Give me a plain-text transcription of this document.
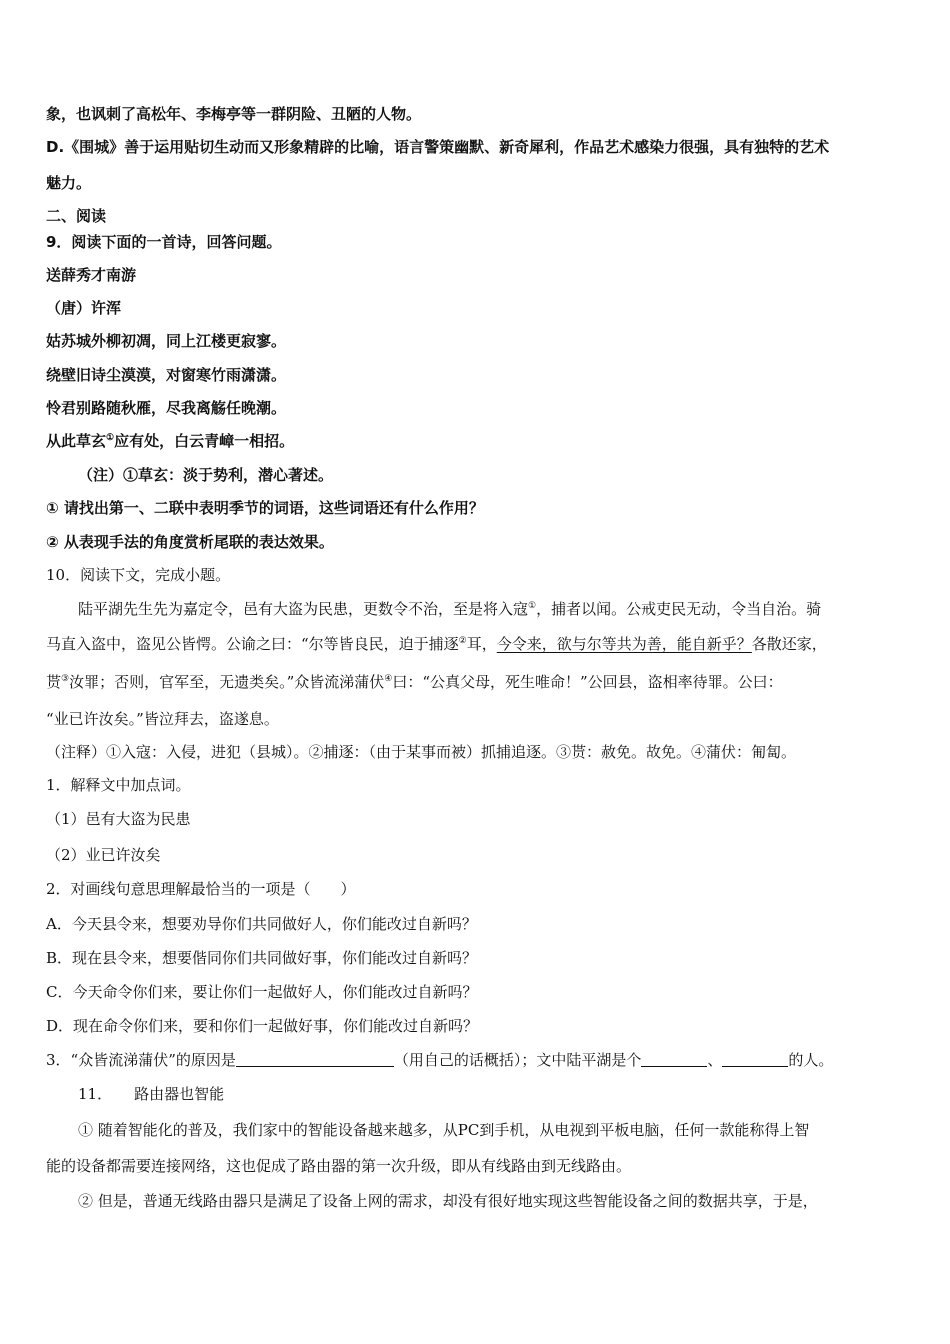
象，也讽刺了高松年、李梅亭等一群阴险、丑陋的人物。
D.《围城》善于运用贴切生动而又形象精辟的比喻，语言警策幽默、新奇犀利，作品艺术感染力很强，具有独特的艺术
魅力。
二、阅读
9．阅读下面的一首诗，回答问题。
送薛秀才南游
（唐）许浑
姑苏城外柳初凋，同上江楼更寂寥。
绕壁旧诗尘漠漠，对窗寒竹雨潇潇。
怜君别路随秋雁，尽我离觞任晚潮。
从此草玄①应有处，白云青嶂一相招。
（注）①草玄：淡于势利，潜心著述。
① 请找出第一、二联中表明季节的词语，这些词语还有什么作用？
② 从表现手法的角度赏析尾联的表达效果。
10．阅读下文，完成小题。
陆平湖先生先为嘉定令，邑有大盗为民患，更数令不治，至是将入寇①，捕者以闻。公戒吏民无动，令当自治。骑
马直入盗中，盗见公皆愕。公谕之曰：“尔等皆良民，迫于捕逐②耳，今令来，欲与尔等共为善，能自新乎？各散还家，
贳③汝罪；否则，官军至，无遗类矣。”众皆流涕蒲伏④曰：“公真父母，死生唯命！”公回县，盗相率待罪。公曰：
“业已许汝矣。”皆泣拜去，盗遂息。
（注释）①入寇：入侵，进犯（县城）。②捕逐：（由于某事而被）抓捕追逐。③贳：赦免。故免。④蒲伏：匍匐。
1．解释文中加点词。
（1）邑有大盗为民患
（2）业已许汝矣
2．对画线句意思理解最恰当的一项是（　　）
A．今天县令来，想要劝导你们共同做好人，你们能改过自新吗？
B．现在县令来，想要偕同你们共同做好事，你们能改过自新吗？
C．今天命令你们来，要让你们一起做好人，你们能改过自新吗？
D．现在命令你们来，要和你们一起做好事，你们能改过自新吗？
3．“众皆流涕蒲伏”的原因是	（用自己的话概括）；文中陆平湖是个	、	的人。
11． 路由器也智能
① 随着智能化的普及，我们家中的智能设备越来越多，从PC到手机，从电视到平板电脑，任何一款能称得上智
能的设备都需要连接网络，这也促成了路由器的第一次升级，即从有线路由到无线路由。
② 但是，普通无线路由器只是满足了设备上网的需求，却没有很好地实现这些智能设备之间的数据共享，于是，
